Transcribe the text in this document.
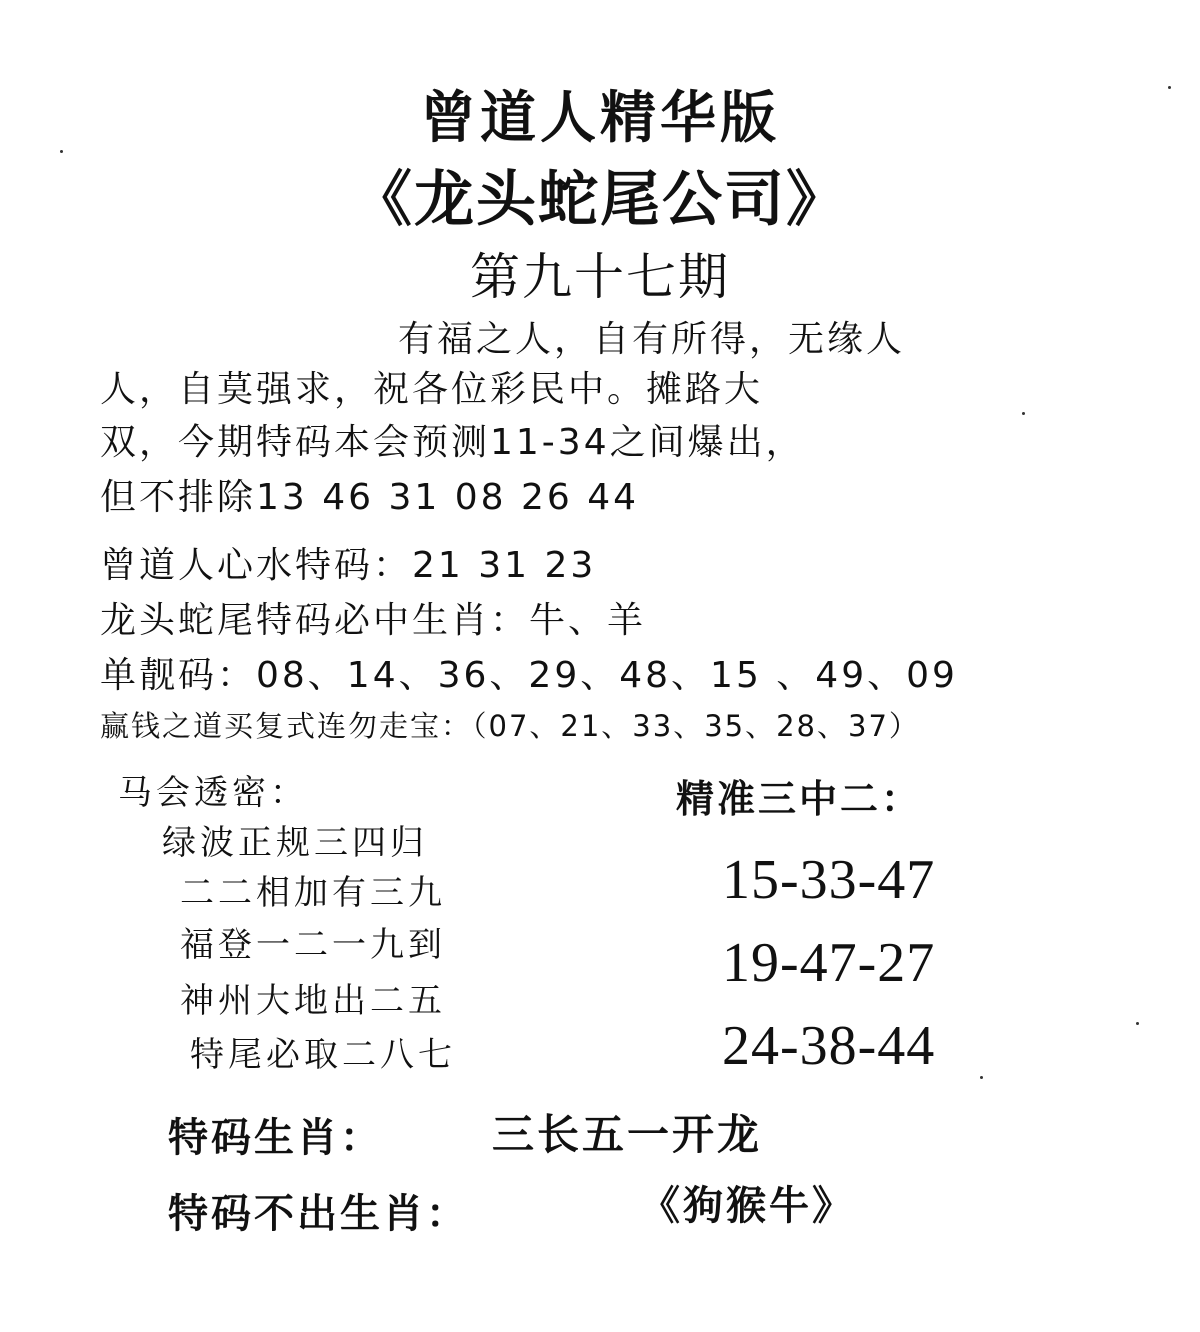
曾道人精华版
《龙头蛇尾公司》
第九十七期
有福之人，自有所得，无缘人
人，自莫强求，祝各位彩民中。摊路大
双，今期特码本会预测11-34之间爆出，
但不排除13 46 31 08 26 44
曾道人心水特码：21 31 23
龙头蛇尾特码必中生肖：牛、羊
单靓码：08、14、36、29、48、15 、49、09
赢钱之道买复式连勿走宝：（07、21、33、35、28、37）
马会透密：
绿波正规三四归
二二相加有三九
福登一二一九到
神州大地出二五
特尾必取二八七
精准三中二：
15-33-47
19-47-27
24-38-44
特码生肖：	三长五一开龙
特码不出生肖：	《狗猴牛》
